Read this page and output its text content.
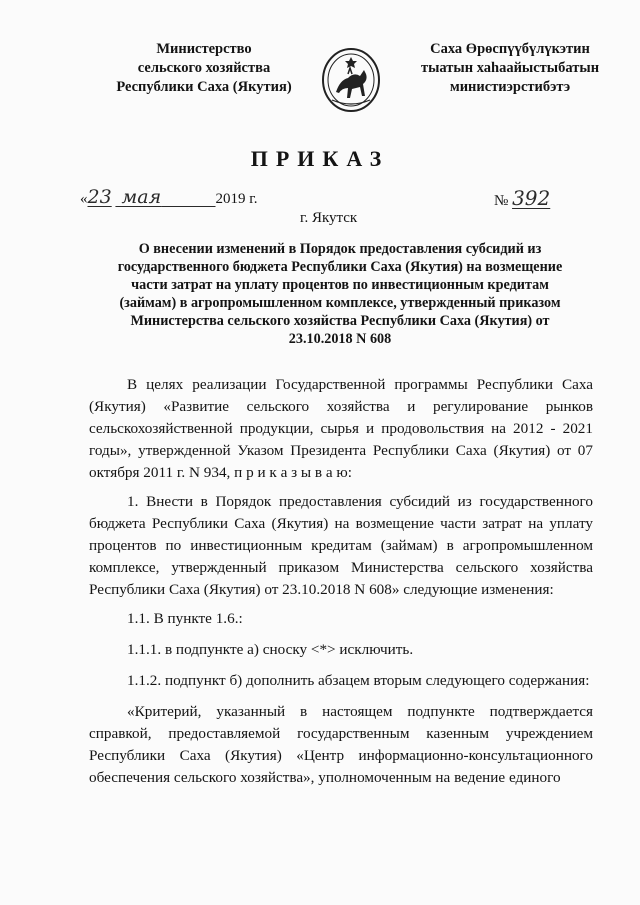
Министерство
сельского хозяйства
Республики Саха (Якутия)
Саха Өрөспүүбүлүкэтин
тыатын хаһаайыстыбатын
министиэрстибэтэ
ПРИКАЗ
«23 мая	2019 г.	№ 392
г. Якутск
О внесении изменений в Порядок предоставления субсидий из государственного бюджета Республики Саха (Якутия) на возмещение части затрат на уплату процентов по инвестиционным кредитам (займам) в агропромышленном комплексе, утвержденный приказом Министерства сельского хозяйства Республики Саха (Якутия) от 23.10.2018 N 608

В целях реализации Государственной программы Республики Саха (Якутия) «Развитие сельского хозяйства и регулирование рынков сельскохозяйственной продукции, сырья и продовольствия на 2012 - 2021 годы», утвержденной Указом Президента Республики Саха (Якутия) от 07 октября 2011 г. N 934, п р и к а з ы в а ю:

1. Внести в Порядок предоставления субсидий из государственного бюджета Республики Саха (Якутия) на возмещение части затрат на уплату процентов по инвестиционным кредитам (займам) в агропромышленном комплексе, утвержденный приказом Министерства сельского хозяйства Республики Саха (Якутия) от 23.10.2018 N 608» следующие изменения:

1.1. В пункте 1.6.:

1.1.1. в подпункте а) сноску <*> исключить.

1.1.2. подпункт б) дополнить абзацем вторым следующего содержания:

«Критерий, указанный в настоящем подпункте подтверждается справкой, предоставляемой государственным казенным учреждением Республики Саха (Якутия) «Центр информационно-консультационного обеспечения сельского хозяйства», уполномоченным на ведение единого
